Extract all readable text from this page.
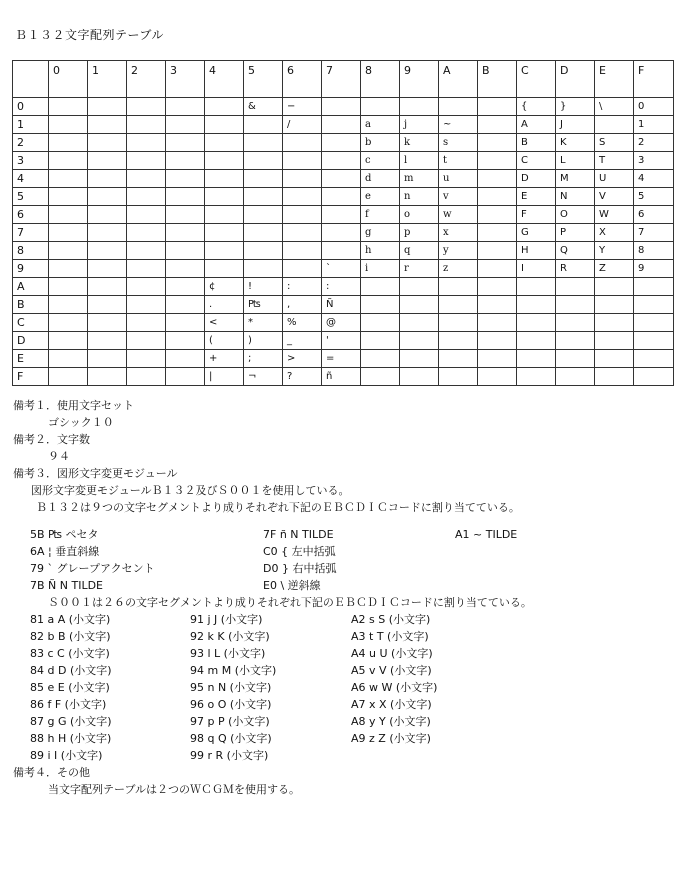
Ｂ１３２文字配列テーブル
	0	1	2	3	4	5	6	7	8	9	A	B	C	D	E	F
0						&	−						{	}	\	0
1							/		a	j	~		A	J		1
2									b	k	s		B	K	S	2
3									c	l	t		C	L	T	3
4									d	m	u		D	M	U	4
5									e	n	v		E	N	V	5
6									f	o	w		F	O	W	6
7									g	p	x		G	P	X	7
8									h	q	y		H	Q	Y	8
9								`	i	r	z		I	R	Z	9
A					¢	!	:	:								
B					.	₧	,	Ñ								
C					<	*	%	@								
D					(	)	_	'								
E					+	;	>	=								
F					|	¬	?	ñ								
備考１．使用文字セット
ゴシック１０
備考２．文字数
９４
備考３．図形文字変更モジュール
図形文字変更モジュールＢ１３２及びＳ００１を使用している。
Ｂ１３２は９つの文字セグメントより成りそれぞれ下記のＥＢＣＤＩＣコードに割り当てている。
5B ₧ ペセタ	7F ñ N TILDE	A1 ~ TILDE
6A ¦ 垂直斜線	C0 { 左中括弧
79 ` グレープアクセント	D0 } 右中括弧
7B Ñ N TILDE	E0 \ 逆斜線
Ｓ００１は２６の文字セグメントより成りそれぞれ下記のＥＢＣＤＩＣコードに割り当てている。
81 a A (小文字)	91 j J (小文字)	A2 s S (小文字)
82 b B (小文字)	92 k K (小文字)	A3 t T (小文字)
83 c C (小文字)	93 l L (小文字)	A4 u U (小文字)
84 d D (小文字)	94 m M (小文字)	A5 v V (小文字)
85 e E (小文字)	95 n N (小文字)	A6 w W (小文字)
86 f F (小文字)	96 o O (小文字)	A7 x X (小文字)
87 g G (小文字)	97 p P (小文字)	A8 y Y (小文字)
88 h H (小文字)	98 q Q (小文字)	A9 z Z (小文字)
89 i I (小文字)	99 r R (小文字)
備考４．その他
当文字配列テーブルは２つのＷＣＧＭを使用する。
